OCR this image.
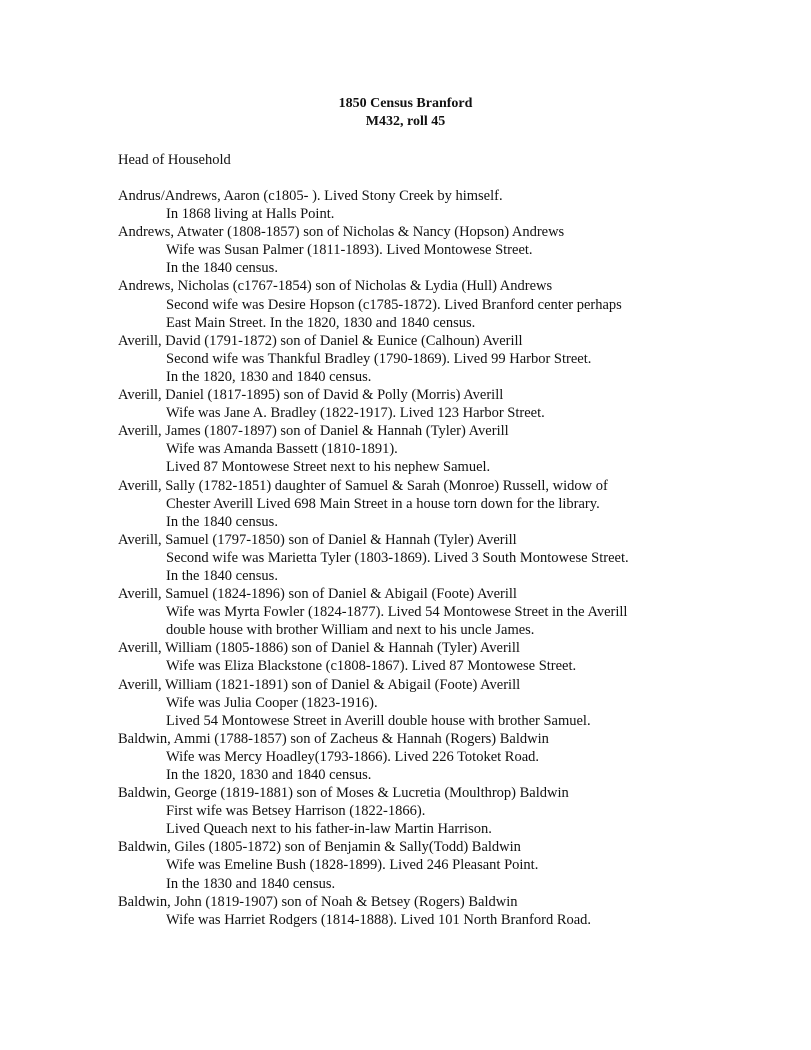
1850 Census Branford
M432, roll 45
Head of Household
Andrus/Andrews, Aaron (c1805- ). Lived Stony Creek by himself.
In 1868 living at Halls Point.
Andrews, Atwater (1808-1857) son of Nicholas & Nancy (Hopson) Andrews
Wife was Susan Palmer (1811-1893). Lived Montowese Street.
In the 1840 census.
Andrews, Nicholas (c1767-1854) son of Nicholas & Lydia (Hull) Andrews
Second wife was Desire Hopson (c1785-1872). Lived Branford center perhaps
East Main Street. In the 1820, 1830 and 1840 census.
Averill, David (1791-1872) son of Daniel & Eunice (Calhoun) Averill
Second wife was Thankful Bradley (1790-1869). Lived 99 Harbor Street.
In the 1820, 1830 and 1840 census.
Averill, Daniel (1817-1895) son of David & Polly (Morris) Averill
Wife was Jane A. Bradley (1822-1917). Lived 123 Harbor Street.
Averill, James (1807-1897) son of Daniel & Hannah (Tyler) Averill
Wife was Amanda Bassett (1810-1891).
Lived 87 Montowese Street next to his nephew Samuel.
Averill, Sally (1782-1851) daughter of Samuel & Sarah (Monroe) Russell, widow of
Chester Averill Lived 698 Main Street in a house torn down for the library.
In the 1840 census.
Averill, Samuel (1797-1850) son of Daniel & Hannah (Tyler) Averill
Second wife was Marietta Tyler (1803-1869). Lived 3 South Montowese Street.
In the 1840 census.
Averill, Samuel (1824-1896) son of Daniel & Abigail (Foote) Averill
Wife was Myrta Fowler (1824-1877). Lived 54 Montowese Street in the Averill
double house with brother William and next to his uncle James.
Averill, William (1805-1886) son of Daniel & Hannah (Tyler) Averill
Wife was Eliza Blackstone (c1808-1867). Lived 87 Montowese Street.
Averill, William (1821-1891) son of Daniel & Abigail (Foote) Averill
Wife was Julia Cooper (1823-1916).
Lived 54 Montowese Street in Averill double house with brother Samuel.
Baldwin, Ammi (1788-1857) son of Zacheus & Hannah (Rogers) Baldwin
Wife was Mercy Hoadley(1793-1866). Lived 226 Totoket Road.
In the 1820, 1830 and 1840 census.
Baldwin, George (1819-1881) son of Moses & Lucretia (Moulthrop) Baldwin
First wife was Betsey Harrison (1822-1866).
Lived Queach next to his father-in-law Martin Harrison.
Baldwin, Giles (1805-1872) son of Benjamin & Sally(Todd) Baldwin
Wife was Emeline Bush (1828-1899). Lived 246 Pleasant Point.
In the 1830 and 1840 census.
Baldwin, John (1819-1907) son of Noah & Betsey (Rogers) Baldwin
Wife was Harriet Rodgers (1814-1888). Lived 101 North Branford Road.
